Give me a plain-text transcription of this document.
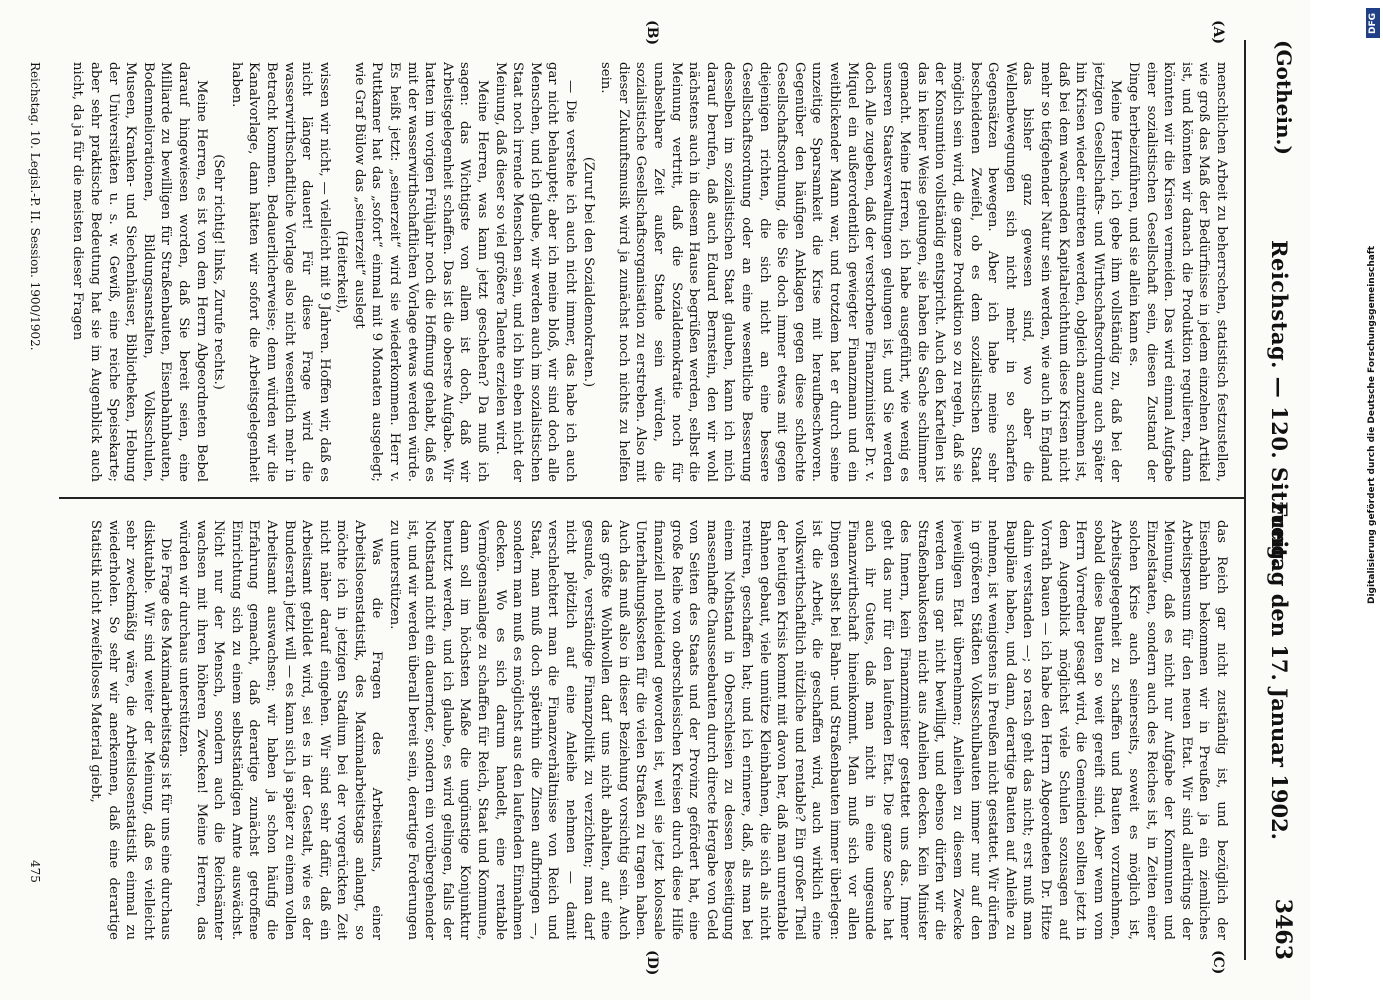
(Gothein.)
Reichstag. — 120. Sitzung.
Freitag den 17. Januar 1902.
3463
(A)
(B)
(C)
(D)

menschlichen Arbeit zu beherrschen, statistisch festzustellen, wie groß das Maß der Bedürfnisse in jedem einzelnen Artikel ist, und könnten wir danach die Produktion regulieren, dann könnten wir die Krisen vermeiden. Das wird einmal Aufgabe einer sozialistischen Gesellschaft sein, diesen Zustand der Dinge herbeizuführen, und sie allein kann es.

Meine Herren, ich gebe ihm vollständig zu, daß bei der jetzigen Gesellschafts- und Wirthschaftsordnung auch später hin Krisen wieder eintreten werden, obgleich anzunehmen ist, daß bei dem wachsenden Kapitalreichthum diese Krisen nicht mehr so tiefgehender Natur sein werden, wie auch in England das bisher ganz gewesen sind, wo aber die Wellenbewegungen sich nicht mehr in so scharfen Gegensätzen bewegen. Aber ich habe meine sehr bescheidenen Zweifel, ob es dem sozialistischen Staat möglich sein wird, die ganze Produktion so zu regeln, daß sie der Konsumtion vollständig entspricht. Auch den Kartellen ist das in keiner Weise gelungen, sie haben die Sache schlimmer gemacht. Meine Herren, ich habe ausgeführt, wie wenig es unseren Staatsverwaltungen gelungen ist, und Sie werden doch Alle zugeben, daß der verstorbene Finanzminister Dr. v. Miquel ein außerordentlich gewiegter Finanzmann und ein weitblickender Mann war, und trotzdem hat er durch seine unzeitige Sparsamkeit die Krise mit heraufbeschworen. Gegenüber den häufigen Anklagen gegen diese schlechte Gesellschaftsordnung, die Sie doch immer etwas mit gegen diejenigen richten, die sich nicht an eine bessere Gesellschaftsordnung oder an eine wesentliche Besserung desselben im sozialistischen Staat glauben, kann ich mich darauf berufen, daß auch Eduard Bernstein, den wir wohl nächstens auch in diesem Hause begrüßen werden, selbst die Meinung vertritt, daß die Sozialdemokratie noch für unabsehbare Zeit außer Stande sein würden, die sozialistische Gesellschaftsorganisation zu erstreben. Also mit dieser Zukunftsmusik wird ja zunächst noch nichts zu helfen sein.

(Zuruf bei den Sozialdemokraten.)

— Die verstehe ich auch nicht immer, das habe ich auch gar nicht behauptet; aber ich meine bloß, wir sind doch alle Menschen, und ich glaube, wir werden auch im sozialistischen Staat noch irrende Menschen sein, und ich bin eben nicht der Meinung, daß dieser so viel größere Talente erzielen wird.

Meine Herren, was kann jetzt geschehen? Da muß ich sagen: das Wichtigste von allem ist doch, daß wir Arbeitsgelegenheit schaffen. Das ist die oberste Aufgabe. Wir hatten im vorigen Frühjahr noch die Hoffnung gehabt, daß es mit der wasserwirthschaftlichen Vorlage etwas werden würde. Es heißt jetzt: „seinerzeit“ wird sie wiederkommen. Herr v. Puttkamer hat das „sofort“ einmal mit 9 Monaten ausgelegt; wie Graf Bülow das „seinerzeit“ auslegt

(Heiterkeit),

wissen wir nicht, — vielleicht mit 9 Jahren. Hoffen wir, daß es nicht länger dauert! Für diese Frage wird die wasserwirthschaftliche Vorlage also nicht wesentlich mehr in Betracht kommen. Bedauerlicherweise; denn würden wir die Kanalvorlage, dann hätten wir sofort die Arbeitsgelegenheit haben.

(Sehr richtig! links, Zurufe rechts.)

Meine Herren, es ist von dem Herrn Abgeordneten Bebel darauf hingewiesen worden, daß Sie bereit seien, eine Milliarde zu bewilligen für Straßenbauten, Eisenbahnbauten, Bodenmeliorationen, Bildungsanstalten, Volksschulen, Museen, Kranken- und Siechenhäuser, Bibliotheken, Hebung der Universitäten u. s. w. Gewiß, eine reiche Speisekarte; aber sehr praktische Bedeutung hat sie im Augenblick auch nicht, da ja für die meisten dieser Fragen

das Reich gar nicht zuständig ist, und bezüglich der Eisenbahn bekommen wir in Preußen ja ein ziemliches Arbeitspensum für den neuen Etat. Wir sind allerdings der Meinung, daß es nicht nur Aufgabe der Kommunen und Einzelstaaten, sondern auch des Reiches ist, in Zeiten einer solchen Krise auch seinerseits, soweit es möglich ist, Arbeitsgelegenheit zu schaffen und Bauten vorzunehmen, sobald diese Bauten so weit gereift sind. Aber wenn vom Herrn Vorredner gesagt wird, die Gemeinden sollten jetzt in dem Augenblick möglichst viele Schulen sozusagen auf Vorrath bauen — ich habe den Herrn Abgeordneten Dr. Hitze dahin verstanden —; so rasch geht das nicht; erst muß man Baupläne haben, und dann, derartige Bauten auf Anleihe zu nehmen, ist wenigstens in Preußen nicht gestattet. Wir dürfen in größeren Städten Volksschulbauten immer nur auf den jeweiligen Etat übernehmen; Anleihen zu diesem Zwecke werden uns gar nicht bewilligt, und ebenso dürfen wir die Straßenbaukosten nicht aus Anleihen decken. Kein Minister des Innern, kein Finanzminister gestattet uns das. Immer geht das nur für den laufenden Etat. Die ganze Sache hat auch ihr Gutes, daß man nicht in eine ungesunde Finanzwirthschaft hineinkommt. Man muß sich vor allen Dingen selbst bei Bahn- und Straßenbauten immer überlegen: ist die Arbeit, die geschaffen wird, auch wirklich eine volkswirthschaftlich nützliche und rentable? Ein großer Theil der heutigen Krisis kommt mit davon her, daß man unrentable Bahnen gebaut, viele unnütze Kleinbahnen, die sich als nicht rentiren, geschaffen hat; und ich erinnere, daß, als man bei einem Nothstand in Oberschlesien zu dessen Beseitigung massenhafte Chausseebauten durch directe Hergabe von Geld von Seiten des Staats und der Provinz gefördert hat, eine große Reihe von oberschlesischen Kreisen durch diese Hilfe finanziell nothleidend geworden ist, weil sie jetzt kolossale Unterhaltungskosten für die vielen Straßen zu tragen haben. Auch das muß also in dieser Beziehung vorsichtig sein. Auch das größte Wohlwollen darf uns nicht abhalten, auf eine gesunde, verständige Finanzpolitik zu verzichten; man darf nicht plötzlich auf eine Anleihe nehmen — damit verschlechtert man die Finanzverhältnisse von Reich und Staat, man muß doch späterhin die Zinsen aufbringen —, sondern man muß es möglichst aus den laufenden Einnahmen decken. Wo es sich darum handelt, eine rentable Vermögensanlage zu schaffen für Reich, Staat und Kommune, dann soll im höchsten Maße die ungünstige Konjunktur benutzt werden, und ich glaube, es wird gelingen, falls der Nothstand nicht ein dauernder, sondern ein vorübergehender ist, und wir werden überall bereit sein, derartige Forderungen zu unterstützen.

Was die Fragen des Arbeitsamts, einer Arbeitslosenstatistik, des Maximalarbeitstags anlangt, so möchte ich in jetzigen Stadium bei der vorgerückten Zeit nicht näher darauf eingehen. Wir sind sehr dafür, daß ein Arbeitsamt gebildet wird, sei es in der Gestalt, wie es der Bundesrath jetzt will — es kann sich ja später zu einem vollen Arbeitsamt auswachsen; wir haben ja schon häufig die Erfahrung gemacht, daß derartige zunächst getroffene Einrichtung sich zu einem selbstständigen Amte auswächst. Nicht nur der Mensch, sondern auch die Reichsämter wachsen mit ihren höheren Zwecken! Meine Herren, das würden wir durchaus unterstützen.

Die Frage des Maximalarbeitstags ist für uns eine durchaus diskutable. Wir sind weiter der Meinung, daß es vielleicht sehr zweckmäßig wäre, die Arbeitslosenstatistik einmal zu wiederholen. So sehr wir anerkennen, daß eine derartige Statistik nicht zweifelloses Material giebt,

Reichstag. 10. Legisl.-P. II. Session. 1900/1902.
475
DFG
Digitalisierung gefördert durch die Deutsche Forschungsgemeinschaft
